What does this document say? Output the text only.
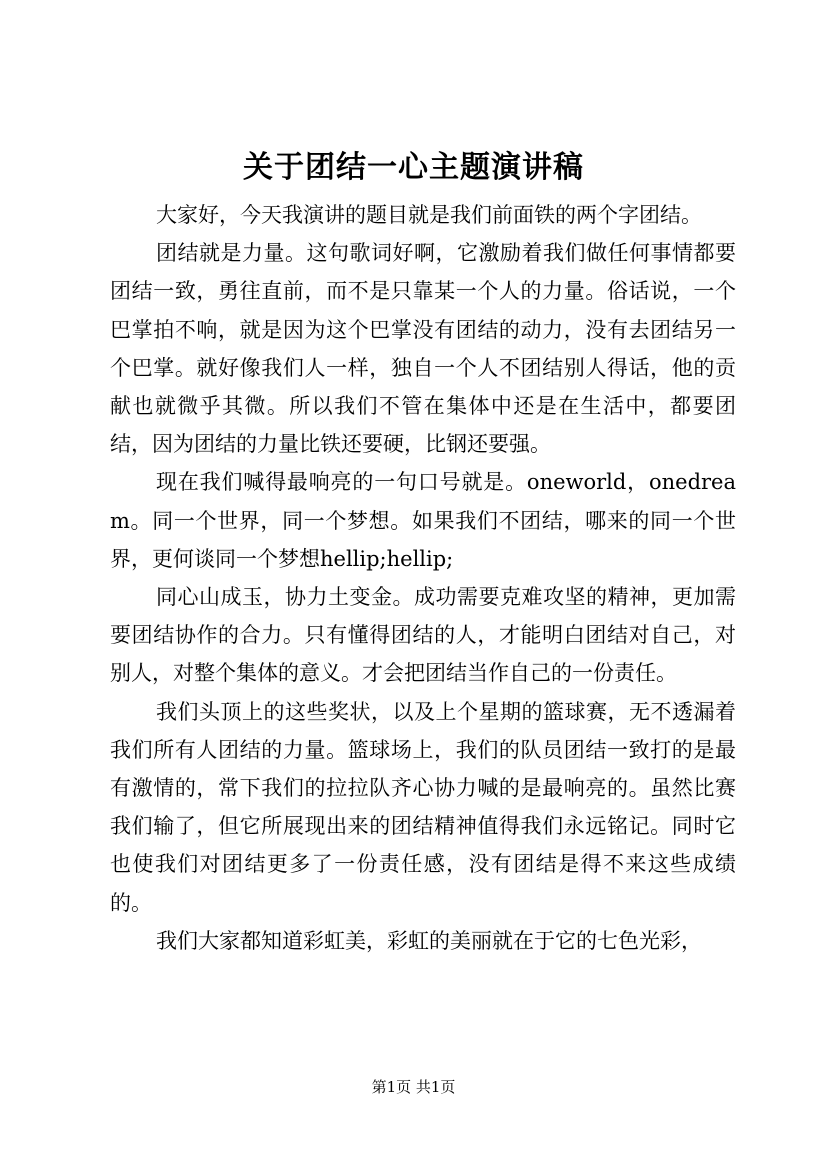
关于团结一心主题演讲稿

大家好，今天我演讲的题目就是我们前面铁的两个字团结。

团结就是力量。这句歌词好啊，它激励着我们做任何事情都要团结一致，勇往直前，而不是只靠某一个人的力量。俗话说，一个巴掌拍不响，就是因为这个巴掌没有团结的动力，没有去团结另一个巴掌。就好像我们人一样，独自一个人不团结别人得话，他的贡献也就微乎其微。所以我们不管在集体中还是在生活中，都要团结，因为团结的力量比铁还要硬，比钢还要强。

现在我们喊得最响亮的一句口号就是。oneworld，onedream。同一个世界，同一个梦想。如果我们不团结，哪来的同一个世界，更何谈同一个梦想hellip;hellip;

同心山成玉，协力土变金。成功需要克难攻坚的精神，更加需要团结协作的合力。只有懂得团结的人，才能明白团结对自己，对别人，对整个集体的意义。才会把团结当作自己的一份责任。

我们头顶上的这些奖状，以及上个星期的篮球赛，无不透漏着我们所有人团结的力量。篮球场上，我们的队员团结一致打的是最有激情的，常下我们的拉拉队齐心协力喊的是最响亮的。虽然比赛我们输了，但它所展现出来的团结精神值得我们永远铭记。同时它也使我们对团结更多了一份责任感，没有团结是得不来这些成绩的。

我们大家都知道彩虹美，彩虹的美丽就在于它的七色光彩，

第1页 共1页
